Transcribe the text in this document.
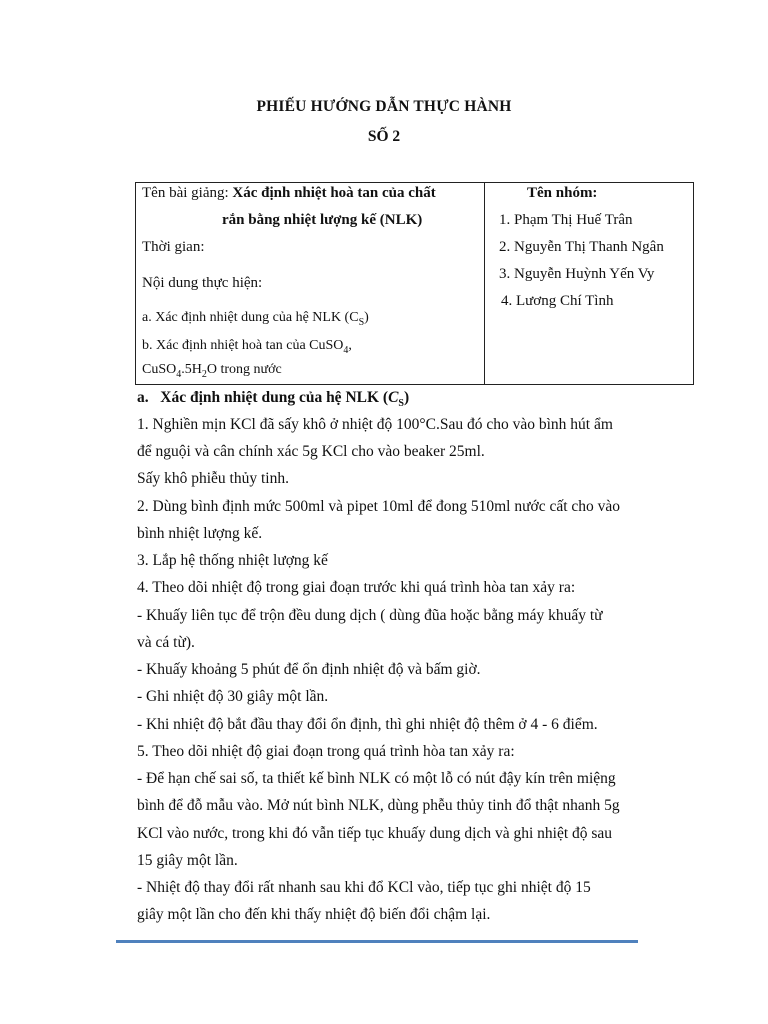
PHIẾU HƯỚNG DẪN THỰC HÀNH
SỐ 2
Tên bài giảng: Xác định nhiệt hoà tan của chất
rắn bằng nhiệt lượng kế (NLK)
Thời gian:
Nội dung thực hiện:
a. Xác định nhiệt dung của hệ NLK $(C_S)$
b. Xác định nhiệt hoà tan của CuSO$_4$,
$CuSO_4.5H_2O$ trong nước
Tên nhóm:
1. Phạm Thị Huế Trân
2. Nguyễn Thị Thanh Ngân
3. Nguyễn Huỳnh Yến Vy
4. Lương Chí Tình
a.   Xác định nhiệt dung của hệ NLK $(C_S)$
1. Nghiền mịn KCl đã sấy khô ở nhiệt độ 100°C.Sau đó cho vào bình hút ẩm
để nguội và cân chính xác 5g KCl cho vào beaker 25ml.
Sấy khô phiễu thủy tinh.
2. Dùng bình định mức 500ml và pipet 10ml để đong 510ml nước cất cho vào
bình nhiệt lượng kế.
3. Lắp hệ thống nhiệt lượng kế
4. Theo dõi nhiệt độ trong giai đoạn trước khi quá trình hòa tan xảy ra:
- Khuấy liên tục để trộn đều dung dịch ( dùng đũa hoặc bằng máy khuấy từ
và cá từ).
- Khuấy khoảng 5 phút để ổn định nhiệt độ và bấm giờ.
- Ghi nhiệt độ 30 giây một lần.
- Khi nhiệt độ bắt đầu thay đổi ổn định, thì ghi nhiệt độ thêm ở 4 - 6 điểm.
5. Theo dõi nhiệt độ giai đoạn trong quá trình hòa tan xảy ra:
- Để hạn chế sai số, ta thiết kế bình NLK có một lỗ có nút đậy kín trên miệng
bình để đỗ mẫu vào. Mở nút bình NLK, dùng phễu thủy tinh đổ thật nhanh 5g
KCl vào nước, trong khi đó vẫn tiếp tục khuấy dung dịch và ghi nhiệt độ sau
15 giây một lần.
- Nhiệt độ thay đổi rất nhanh sau khi đổ KCl vào, tiếp tục ghi nhiệt độ 15
giây một lần cho đến khi thấy nhiệt độ biến đổi chậm lại.
